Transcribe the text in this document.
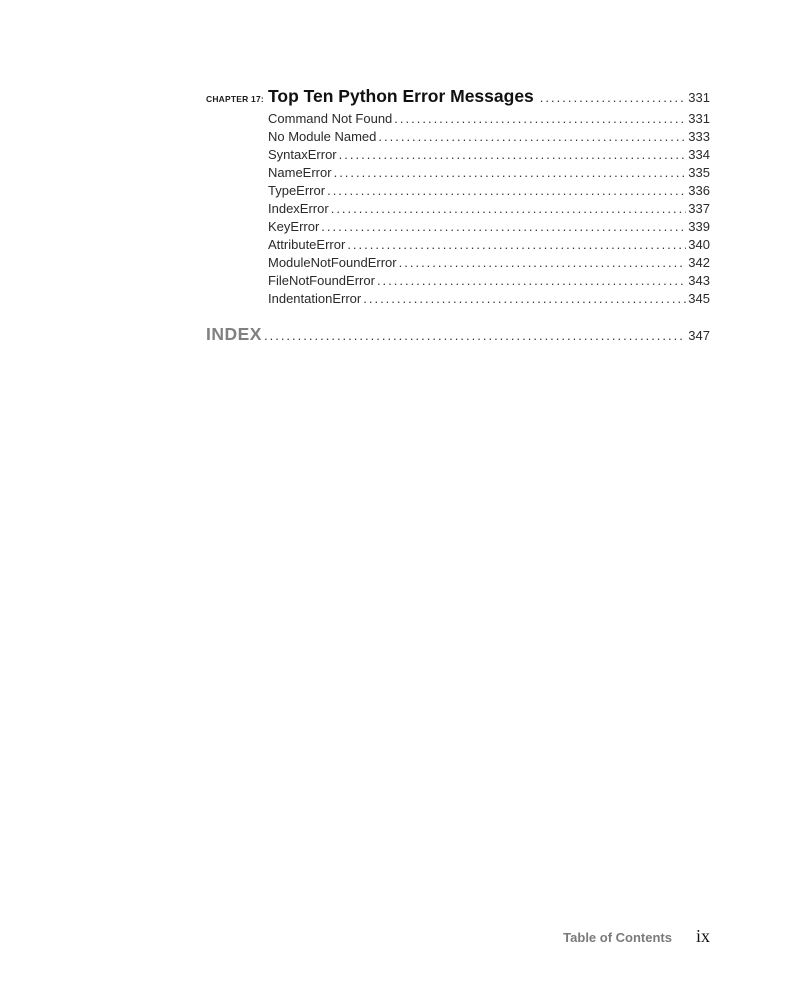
CHAPTER 17: Top Ten Python Error Messages .....	331
Command Not Found .....	331
No Module Named .....	333
SyntaxError .....	334
NameError .....	335
TypeError .....	336
IndexError .....	337
KeyError .....	339
AttributeError .....	340
ModuleNotFoundError .....	342
FileNotFoundError .....	343
IndentationError .....	345
INDEX .....	347
Table of Contents ix
